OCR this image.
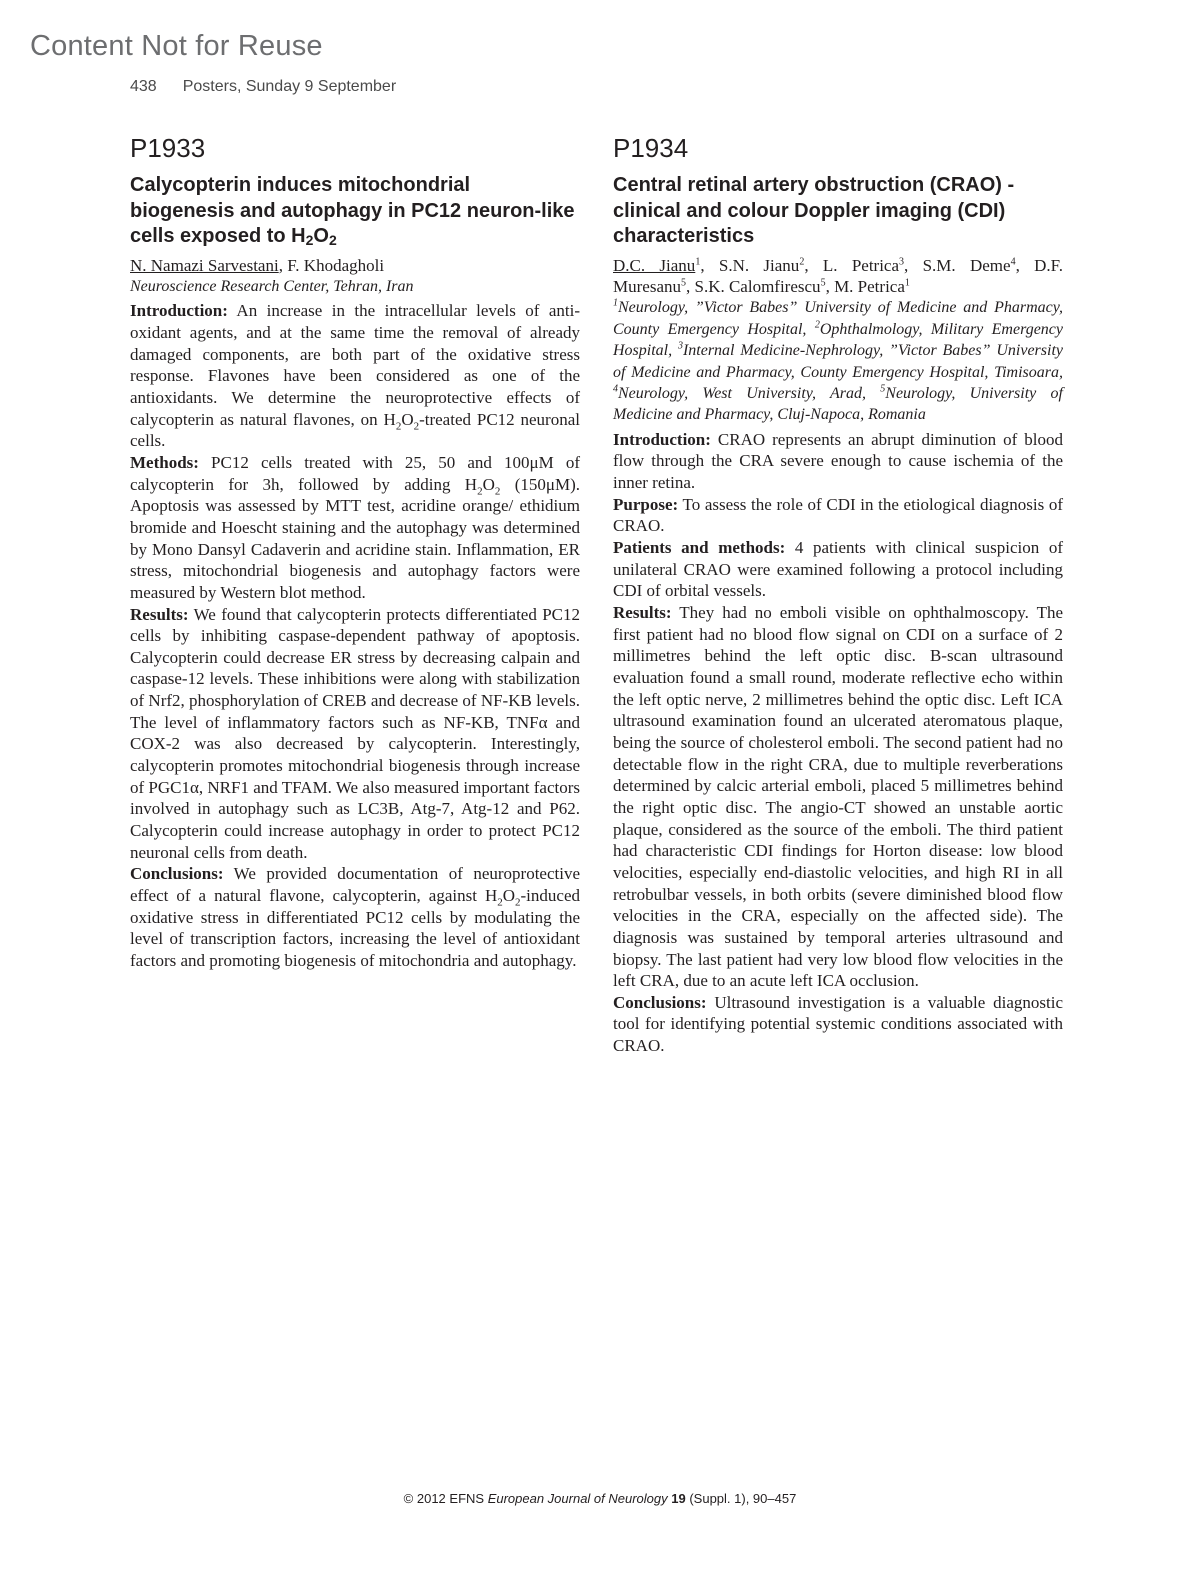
Content Not for Reuse
438 Posters, Sunday 9 September
P1933
Calycopterin induces mitochondrial biogenesis and autophagy in PC12 neuron-like cells exposed to $H_2O_2$
N. Namazi Sarvestani, F. Khodagholi
Neuroscience Research Center, Tehran, Iran

Introduction: An increase in the intracellular levels of anti-oxidant agents, and at the same time the removal of already damaged components, are both part of the oxidative stress response. Flavones have been considered as one of the antioxidants. We determine the neuroprotective effects of calycopterin as natural flavones, on $H_2O_2$-treated PC12 neuronal cells.

Methods: PC12 cells treated with 25, 50 and 100μM of calycopterin for 3h, followed by adding $H_2O_2$ (150μM). Apoptosis was assessed by MTT test, acridine orange/ ethidium bromide and Hoescht staining and the autophagy was determined by Mono Dansyl Cadaverin and acridine stain. Inflammation, ER stress, mitochondrial biogenesis and autophagy factors were measured by Western blot method.

Results: We found that calycopterin protects differentiated PC12 cells by inhibiting caspase-dependent pathway of apoptosis. Calycopterin could decrease ER stress by decreasing calpain and caspase-12 levels. These inhibitions were along with stabilization of Nrf2, phosphorylation of CREB and decrease of NF-KB levels. The level of inflammatory factors such as NF-KB, TNFα and COX-2 was also decreased by calycopterin. Interestingly, calycopterin promotes mitochondrial biogenesis through increase of PGC1α, NRF1 and TFAM. We also measured important factors involved in autophagy such as LC3B, Atg-7, Atg-12 and P62. Calycopterin could increase autophagy in order to protect PC12 neuronal cells from death.

Conclusions: We provided documentation of neuroprotective effect of a natural flavone, calycopterin, against $H_2O_2$-induced oxidative stress in differentiated PC12 cells by modulating the level of transcription factors, increasing the level of antioxidant factors and promoting biogenesis of mitochondria and autophagy.

P1934
Central retinal artery obstruction (CRAO) - clinical and colour Doppler imaging (CDI) characteristics
D.C. Jianu$^1$, S.N. Jianu$^2$, L. Petrica$^3$, S.M. Deme$^4$, D.F. Muresanu$^5$, S.K. Calomfirescu$^5$, M. Petrica$^1$
$^1$Neurology, ”Victor Babes” University of Medicine and Pharmacy, County Emergency Hospital, $^2$Ophthalmology, Military Emergency Hospital, $^3$Internal Medicine-Nephrology, ”Victor Babes” University of Medicine and Pharmacy, County Emergency Hospital, Timisoara, $^4$Neurology, West University, Arad, $^5$Neurology, University of Medicine and Pharmacy, Cluj-Napoca, Romania

Introduction: CRAO represents an abrupt diminution of blood flow through the CRA severe enough to cause ischemia of the inner retina.

Purpose: To assess the role of CDI in the etiological diagnosis of CRAO.

Patients and methods: 4 patients with clinical suspicion of unilateral CRAO were examined following a protocol including CDI of orbital vessels.

Results: They had no emboli visible on ophthalmoscopy. The first patient had no blood flow signal on CDI on a surface of 2 millimetres behind the left optic disc. B-scan ultrasound evaluation found a small round, moderate reflective echo within the left optic nerve, 2 millimetres behind the optic disc. Left ICA ultrasound examination found an ulcerated ateromatous plaque, being the source of cholesterol emboli. The second patient had no detectable flow in the right CRA, due to multiple reverberations determined by calcic arterial emboli, placed 5 millimetres behind the right optic disc. The angio-CT showed an unstable aortic plaque, considered as the source of the emboli. The third patient had characteristic CDI findings for Horton disease: low blood velocities, especially end-diastolic velocities, and high RI in all retrobulbar vessels, in both orbits (severe diminished blood flow velocities in the CRA, especially on the affected side). The diagnosis was sustained by temporal arteries ultrasound and biopsy. The last patient had very low blood flow velocities in the left CRA, due to an acute left ICA occlusion.

Conclusions: Ultrasound investigation is a valuable diagnostic tool for identifying potential systemic conditions associated with CRAO.

© 2012 EFNS European Journal of Neurology 19 (Suppl. 1), 90–457
